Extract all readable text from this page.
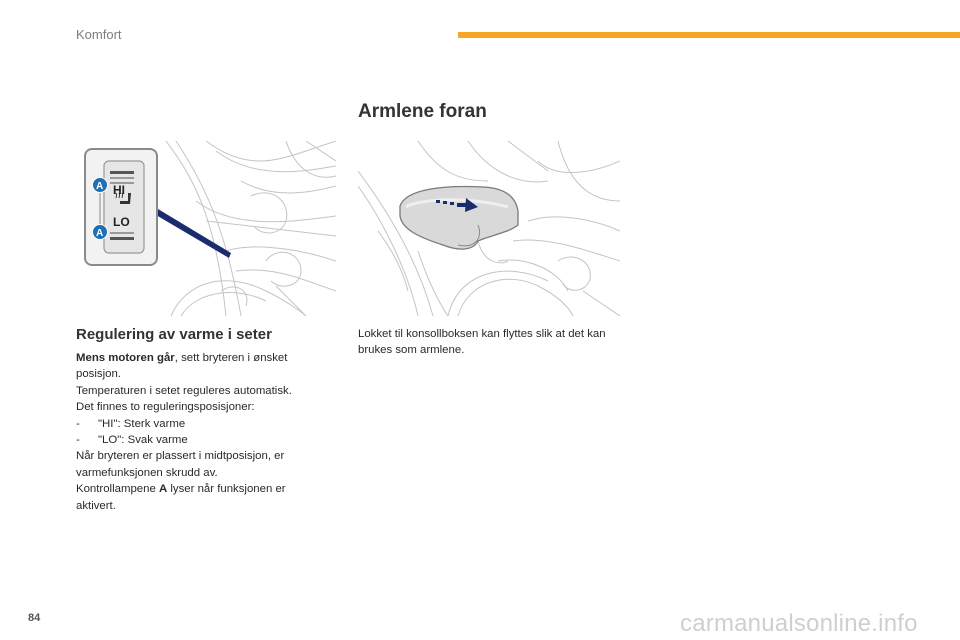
Komfort
Armlene foran
HI
LO
A
A
Regulering av varme i seter

Mens motoren går, sett bryteren i ønsket posisjon.

Temperaturen i setet reguleres automatisk.

Det finnes to reguleringsposisjoner:

- "HI": Sterk varme

- "LO": Svak varme

Når bryteren er plassert i midtposisjon, er varmefunksjonen skrudd av.

Kontrollampene A lyser når funksjonen er aktivert.

Lokket til konsollboksen kan flyttes slik at det kan brukes som armlene.
84	carmanualsonline.info
